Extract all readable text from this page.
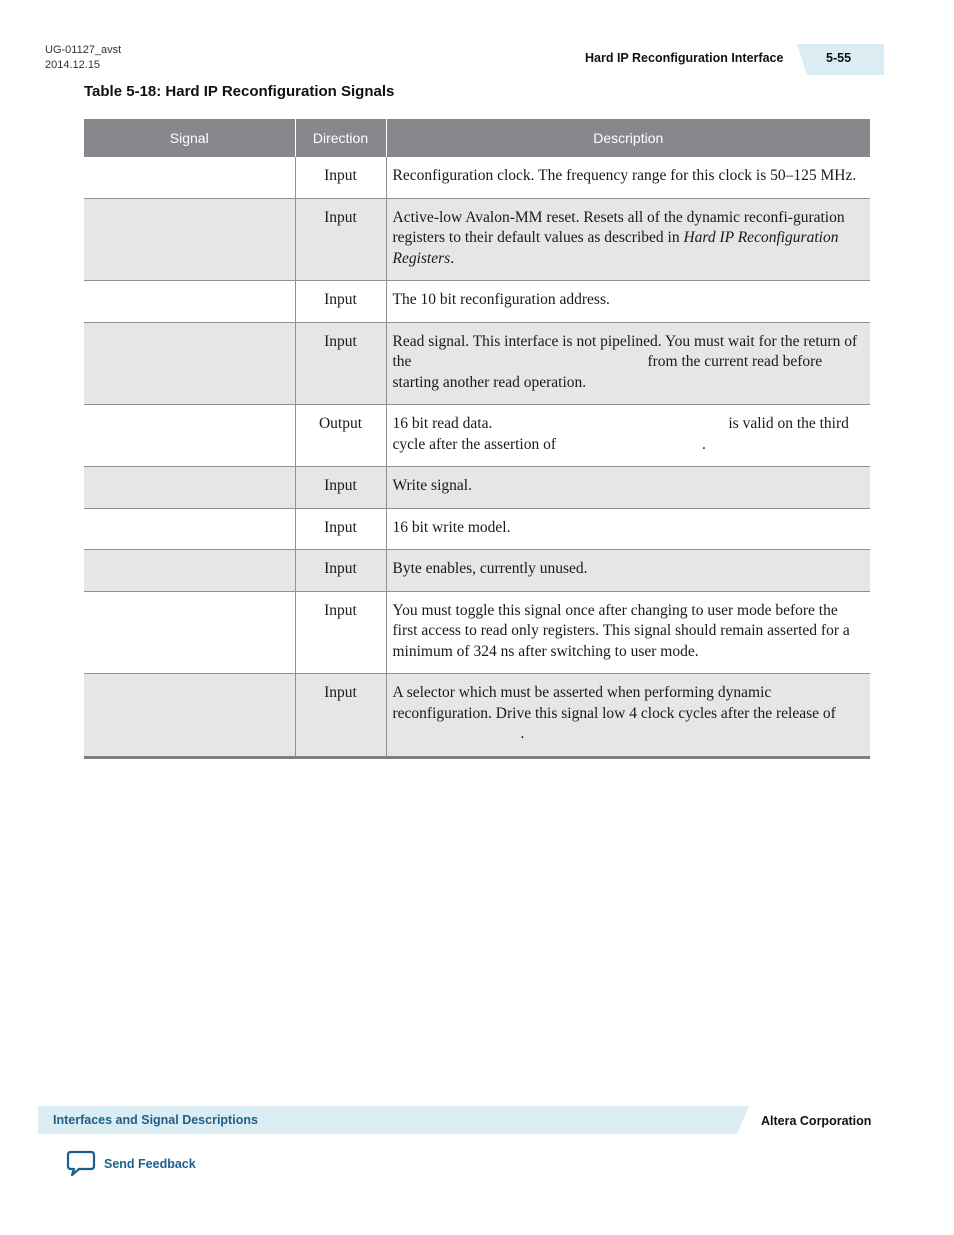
UG-01127_avst
2014.12.15	Hard IP Reconfiguration Interface	5-55
Table 5-18: Hard IP Reconfiguration Signals
Signal	Direction	Description
	Input	Reconfiguration clock. The frequency range for this clock is 50–125 MHz.
	Input	Active-low Avalon-MM reset. Resets all of the dynamic reconfi-guration registers to their default values as described in Hard IP Reconfiguration Registers.
	Input	The 10 bit reconfiguration address.
	Input	Read signal. This interface is not pipelined. You must wait for the return of the from the current read before starting another read operation.
	Output	16 bit read data. is valid on the third cycle after the assertion of .
	Input	Write signal.
	Input	16 bit write model.
	Input	Byte enables, currently unused.
	Input	You must toggle this signal once after changing to user mode before the first access to read only registers. This signal should remain asserted for a minimum of 324 ns after switching to user mode.
	Input	A selector which must be asserted when performing dynamic reconfiguration. Drive this signal low 4 clock cycles after the release of.
Interfaces and Signal Descriptions	Altera Corporation
Send Feedback
